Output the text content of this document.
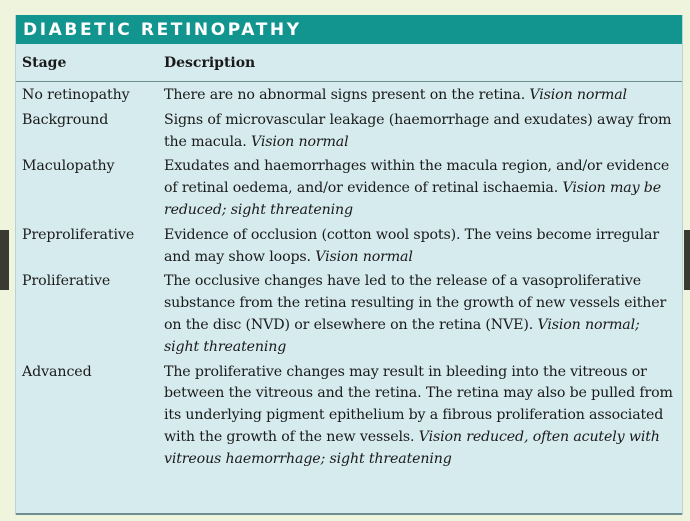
DIABETIC RETINOPATHY
Stage	Description
No retinopathy	There are no abnormal signs present on the retina. Vision normal
Background	Signs of microvascular leakage (haemorrhage and exudates) away from the macula. Vision normal
Maculopathy	Exudates and haemorrhages within the macula region, and/or evidence of retinal oedema, and/or evidence of retinal ischaemia. Vision may be reduced; sight threatening
Preproliferative	Evidence of occlusion (cotton wool spots). The veins become irregular and may show loops. Vision normal
Proliferative	The occlusive changes have led to the release of a vasoproliferative substance from the retina resulting in the growth of new vessels either on the disc (NVD) or elsewhere on the retina (NVE). Vision normal; sight threatening
Advanced	The proliferative changes may result in bleeding into the vitreous or between the vitreous and the retina. The retina may also be pulled from its underlying pigment epithelium by a fibrous proliferation associated with the growth of the new vessels. Vision reduced, often acutely with vitreous haemorrhage; sight threatening
